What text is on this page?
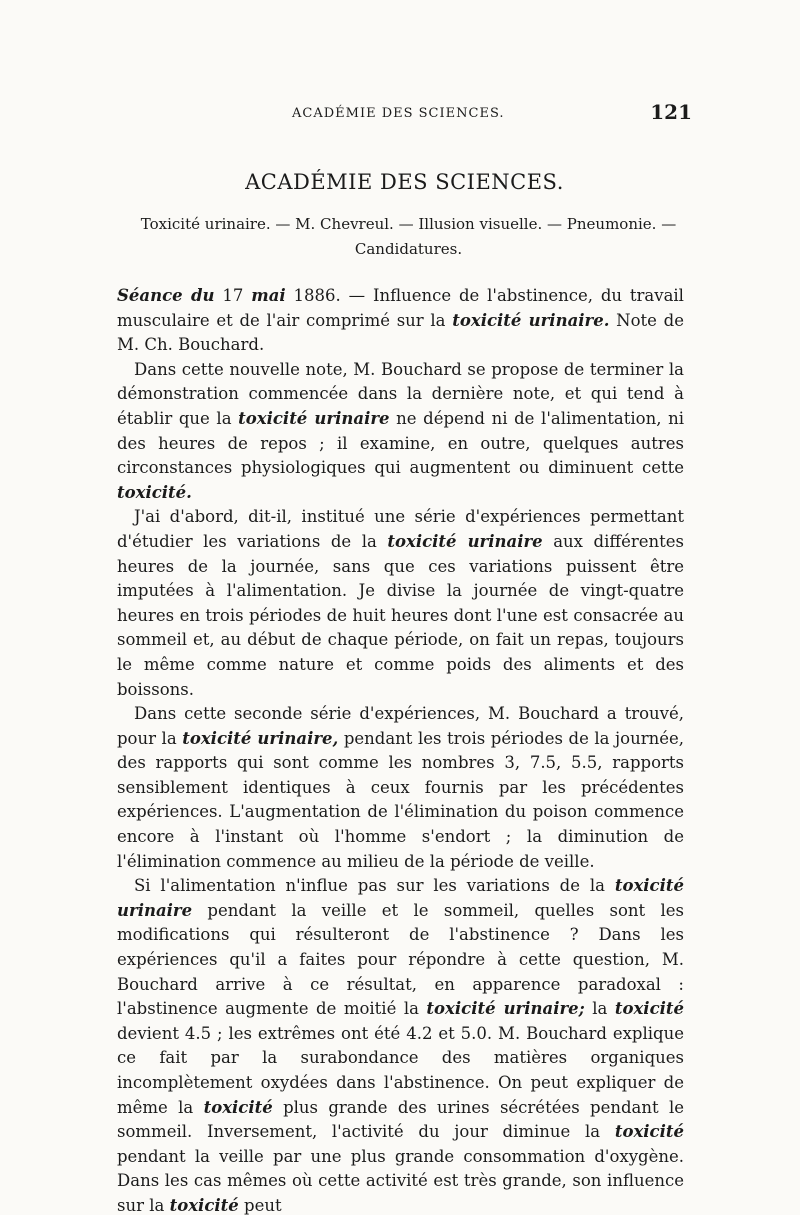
ACADÉMIE DES SCIENCES.	121
ACADÉMIE DES SCIENCES.
Toxicité urinaire. — M. Chevreul. — Illusion visuelle. — Pneumonie. — Candidatures.

Séance du 17 mai 1886. — Influence de l'abstinence, du travail musculaire et de l'air comprimé sur la toxicité urinaire. Note de M. Ch. Bouchard.

Dans cette nouvelle note, M. Bouchard se propose de terminer la démonstration commencée dans la dernière note, et qui tend à établir que la toxicité urinaire ne dépend ni de l'alimentation, ni des heures de repos ; il examine, en outre, quelques autres circonstances physiologiques qui augmentent ou diminuent cette toxicité.

J'ai d'abord, dit-il, institué une série d'expériences permettant d'étudier les variations de la toxicité urinaire aux différentes heures de la journée, sans que ces variations puissent être imputées à l'alimentation. Je divise la journée de vingt-quatre heures en trois périodes de huit heures dont l'une est consacrée au sommeil et, au début de chaque période, on fait un repas, toujours le même comme nature et comme poids des aliments et des boissons.

Dans cette seconde série d'expériences, M. Bouchard a trouvé, pour la toxicité urinaire, pendant les trois périodes de la journée, des rapports qui sont comme les nombres 3, 7.5, 5.5, rapports sensiblement identiques à ceux fournis par les précédentes expériences. L'augmentation de l'élimination du poison commence encore à l'instant où l'homme s'endort ; la diminution de l'élimination commence au milieu de la période de veille.

Si l'alimentation n'influe pas sur les variations de la toxicité urinaire pendant la veille et le sommeil, quelles sont les modifications qui résulteront de l'abstinence ? Dans les expériences qu'il a faites pour répondre à cette question, M. Bouchard arrive à ce résultat, en apparence paradoxal : l'abstinence augmente de moitié la toxicité urinaire; la toxicité devient 4.5 ; les extrêmes ont été 4.2 et 5.0. M. Bouchard explique ce fait par la surabondance des matières organiques incomplètement oxydées dans l'abstinence. On peut expliquer de même la toxicité plus grande des urines sécrétées pendant le sommeil. Inversement, l'activité du jour diminue la toxicité pendant la veille par une plus grande consommation d'oxygène. Dans les cas mêmes où cette activité est très grande, son influence sur la toxicité peut
